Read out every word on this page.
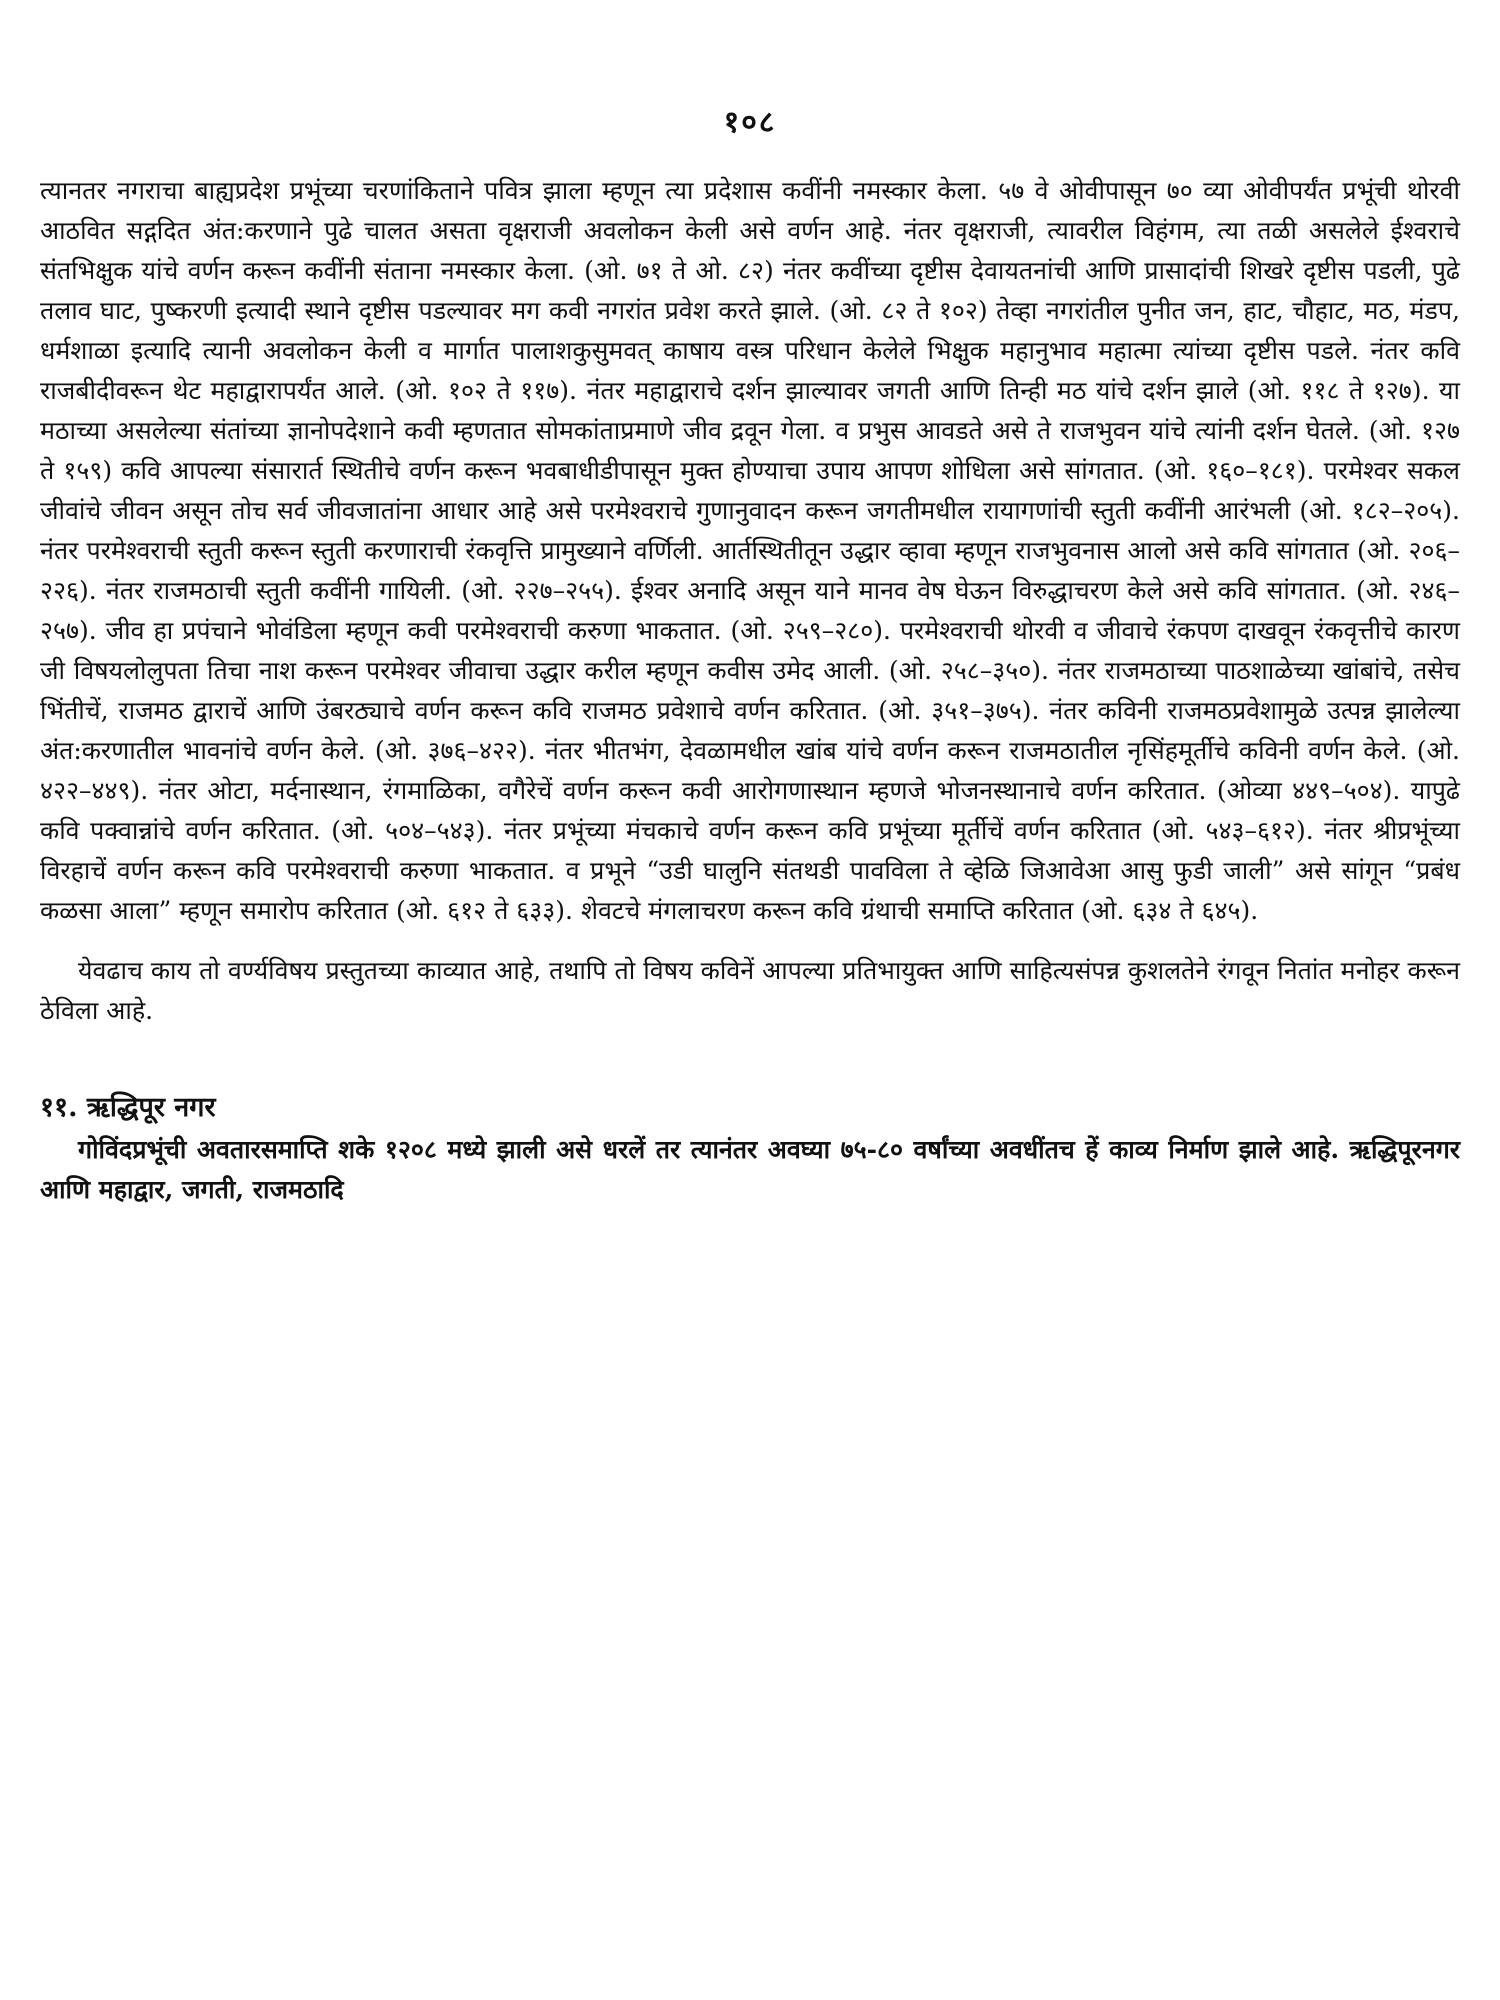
१०८

त्यानतर नगराचा बाह्यप्रदेश प्रभूंच्या चरणांकिताने पवित्र झाला म्हणून त्या प्रदेशास कवींनी नमस्कार केला. ५७ वे ओवीपासून ७० व्या ओवीपर्यंत प्रभूंची थोरवी आठवित सद्गदित अंत:करणाने पुढे चालत असता वृक्षराजी अवलोकन केली असे वर्णन आहे. नंतर वृक्षराजी, त्यावरील विहंगम, त्या तळी असलेले ईश्वराचे संतभिक्षुक यांचे वर्णन करून कवींनी संताना नमस्कार केला. (ओ. ७१ ते ओ. ८२) नंतर कवींच्या दृष्टीस देवायतनांची आणि प्रासादांची शिखरे दृष्टीस पडली, पुढे तलाव घाट, पुष्करणी इत्यादी स्थाने दृष्टीस पडल्यावर मग कवी नगरांत प्रवेश करते झाले. (ओ. ८२ ते १०२) तेव्हा नगरांतील पुनीत जन, हाट, चौहाट, मठ, मंडप, धर्मशाळा इत्यादि त्यानी अवलोकन केली व मार्गात पालाशकुसुमवत् काषाय वस्त्र परिधान केलेले भिक्षुक महानुभाव महात्मा त्यांच्या दृष्टीस पडले. नंतर कवि राजबीदीवरून थेट महाद्वारापर्यंत आले. (ओ. १०२ ते ११७). नंतर महाद्वाराचे दर्शन झाल्यावर जगती आणि तिन्ही मठ यांचे दर्शन झाले (ओ. ११८ ते १२७). या मठाच्या असलेल्या संतांच्या ज्ञानोपदेशाने कवी म्हणतात सोमकांताप्रमाणे जीव द्रवून गेला. व प्रभुस आवडते असे ते राजभुवन यांचे त्यांनी दर्शन घेतले. (ओ. १२७ ते १५९) कवि आपल्या संसारार्त स्थितीचे वर्णन करून भवबाधीडीपासून मुक्त होण्याचा उपाय आपण शोधिला असे सांगतात. (ओ. १६०–१८१). परमेश्वर सकल जीवांचे जीवन असून तोच सर्व जीवजातांना आधार आहे असे परमेश्वराचे गुणानुवादन करून जगतीमधील रायागणांची स्तुती कवींनी आरंभली (ओ. १८२–२०५). नंतर परमेश्वराची स्तुती करून स्तुती करणाराची रंकवृत्ति प्रामुख्याने वर्णिली. आर्तस्थितीतून उद्धार व्हावा म्हणून राजभुवनास आलो असे कवि सांगतात (ओ. २०६–२२६). नंतर राजमठाची स्तुती कवींनी गायिली. (ओ. २२७–२५५). ईश्वर अनादि असून याने मानव वेष घेऊन विरुद्धाचरण केले असे कवि सांगतात. (ओ. २४६–२५७). जीव हा प्रपंचाने भोवंडिला म्हणून कवी परमेश्वराची करुणा भाकतात. (ओ. २५९–२८०). परमेश्वराची थोरवी व जीवाचे रंकपण दाखवून रंकवृत्तीचे कारण जी विषयलोलुपता तिचा नाश करून परमेश्वर जीवाचा उद्धार करील म्हणून कवीस उमेद आली. (ओ. २५८–३५०). नंतर राजमठाच्या पाठशाळेच्या खांबांचे, तसेच भिंतीचें, राजमठ द्वाराचें आणि उंबरठ्याचे वर्णन करून कवि राजमठ प्रवेशाचे वर्णन करितात. (ओ. ३५१–३७५). नंतर कविनी राजमठप्रवेशामुळे उत्पन्न झालेल्या अंत:करणातील भावनांचे वर्णन केले. (ओ. ३७६–४२२). नंतर भीतभंग, देवळामधील खांब यांचे वर्णन करून राजमठातील नृसिंहमूर्तीचे कविनी वर्णन केले. (ओ. ४२२–४४९). नंतर ओटा, मर्दनास्थान, रंगमाळिका, वगैरेचें वर्णन करून कवी आरोगणास्थान म्हणजे भोजनस्थानाचे वर्णन करितात. (ओव्या ४४९–५०४). यापुढे कवि पक्वान्नांचे वर्णन करितात. (ओ. ५०४–५४३). नंतर प्रभूंच्या मंचकाचे वर्णन करून कवि प्रभूंच्या मूर्तीचें वर्णन करितात (ओ. ५४३–६१२). नंतर श्रीप्रभूंच्या विरहाचें वर्णन करून कवि परमेश्वराची करुणा भाकतात. व प्रभूने “उडी घालुनि संतथडी पावविला ते व्हेळि जिआवेआ आसु फुडी जाली” असे सांगून “प्रबंध कळसा आला” म्हणून समारोप करितात (ओ. ६१२ ते ६३३). शेवटचे मंगलाचरण करून कवि ग्रंथाची समाप्ति करितात (ओ. ६३४ ते ६४५).

येवढाच काय तो वर्ण्यविषय प्रस्तुतच्या काव्यात आहे, तथापि तो विषय कविनें आपल्या प्रतिभायुक्त आणि साहित्यसंपन्न कुशलतेने रंगवून नितांत मनोहर करून ठेविला आहे.

११. ऋद्धिपूर नगर

गोविंदप्रभूंची अवतारसमाप्ति शके १२०८ मध्ये झाली असे धरलें तर त्यानंतर अवघ्या ७५-८० वर्षांच्या अवधींतच हें काव्य निर्माण झाले आहे. ऋद्धिपूरनगर आणि महाद्वार, जगती, राजमठादि
